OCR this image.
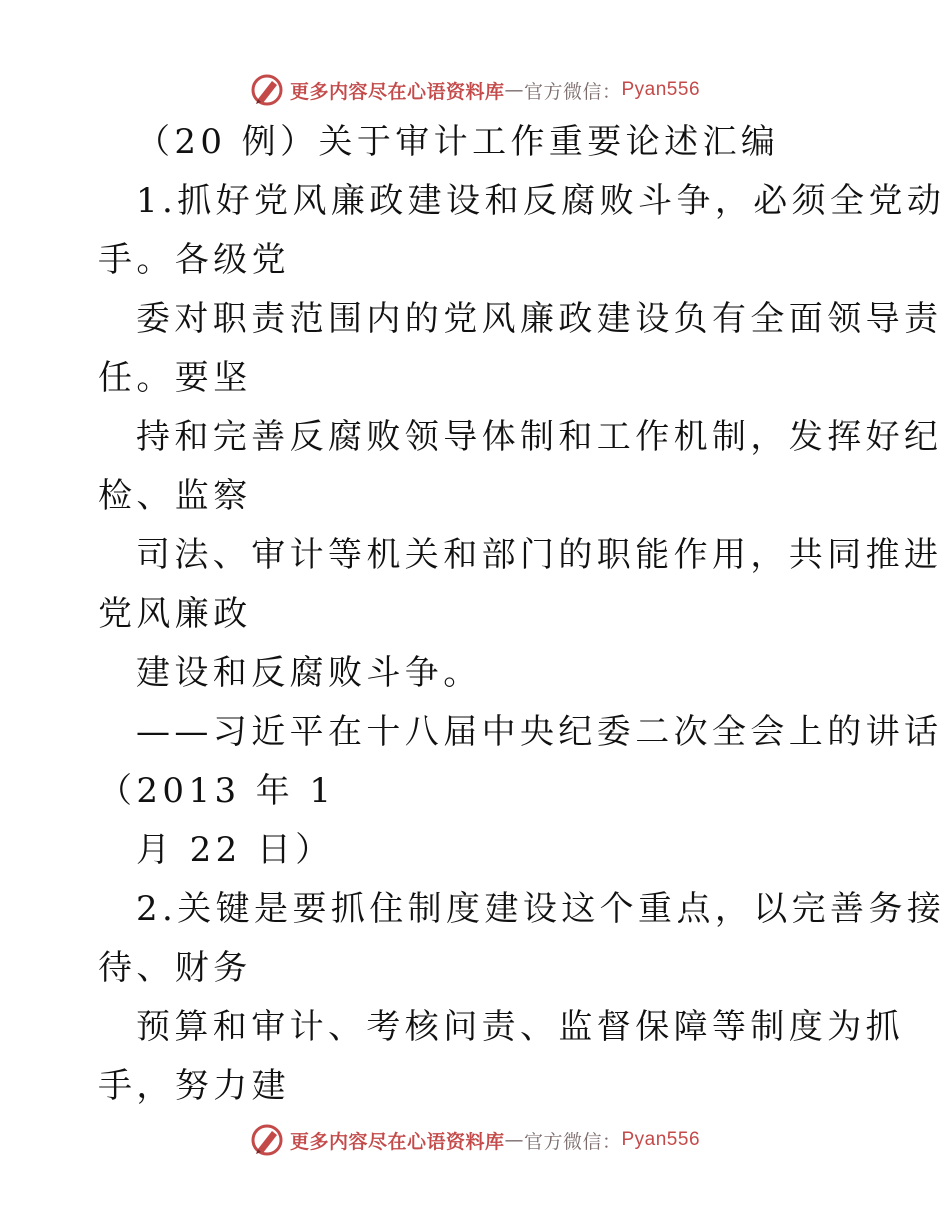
更多内容尽在心语资料库 — 官方微信： Pyan556
（20 例）关于审计工作重要论述汇编
1.抓好党风廉政建设和反腐败斗争，必须全党动
手。各级党
委对职责范围内的党风廉政建设负有全面领导责
任。要坚
持和完善反腐败领导体制和工作机制，发挥好纪
检、监察
司法、审计等机关和部门的职能作用，共同推进
党风廉政
建设和反腐败斗争。
——习近平在十八届中央纪委二次全会上的讲话
（2013 年 1
月 22 日）
2.关键是要抓住制度建设这个重点，以完善务接
待、财务
预算和审计、考核问责、监督保障等制度为抓
手，努力建
更多内容尽在心语资料库 — 官方微信： Pyan556
